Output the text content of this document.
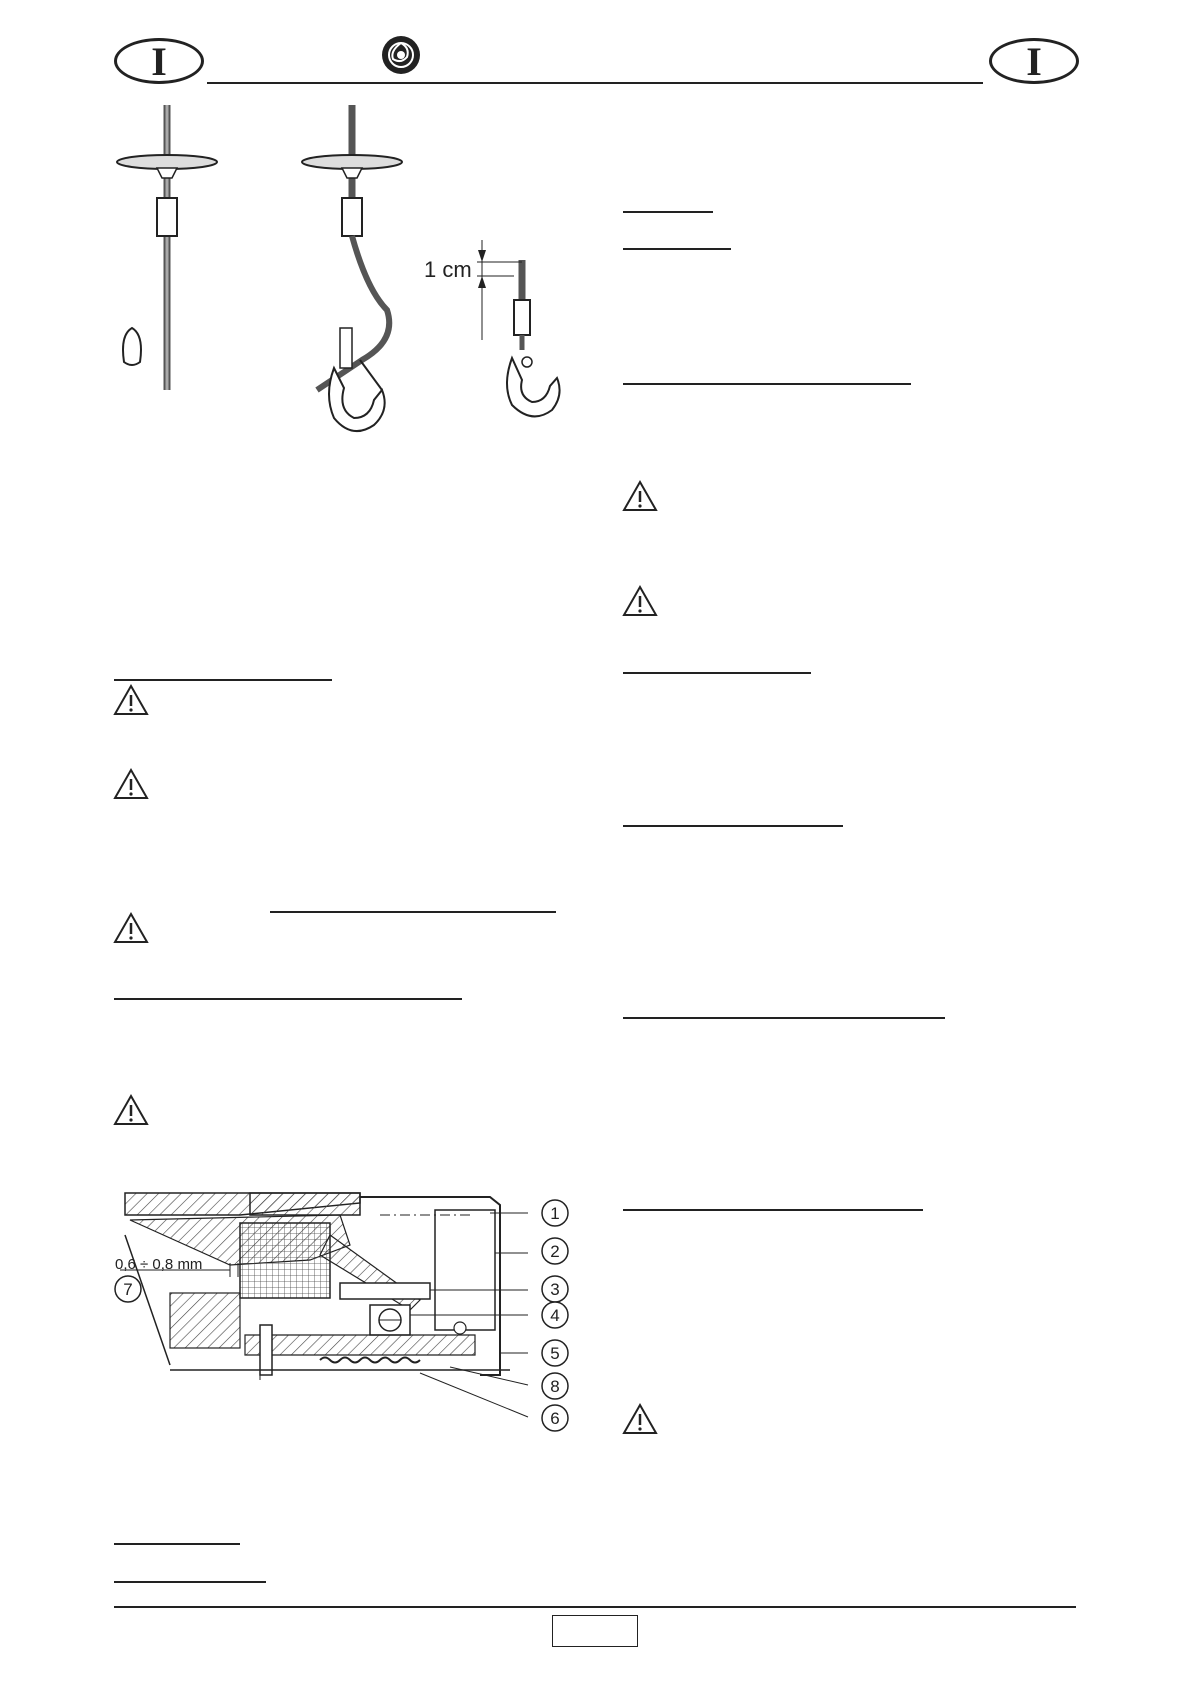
I	I
1 cm
0,6 ÷ 0,8 mm
1
2
3
4
5
8
6
7
